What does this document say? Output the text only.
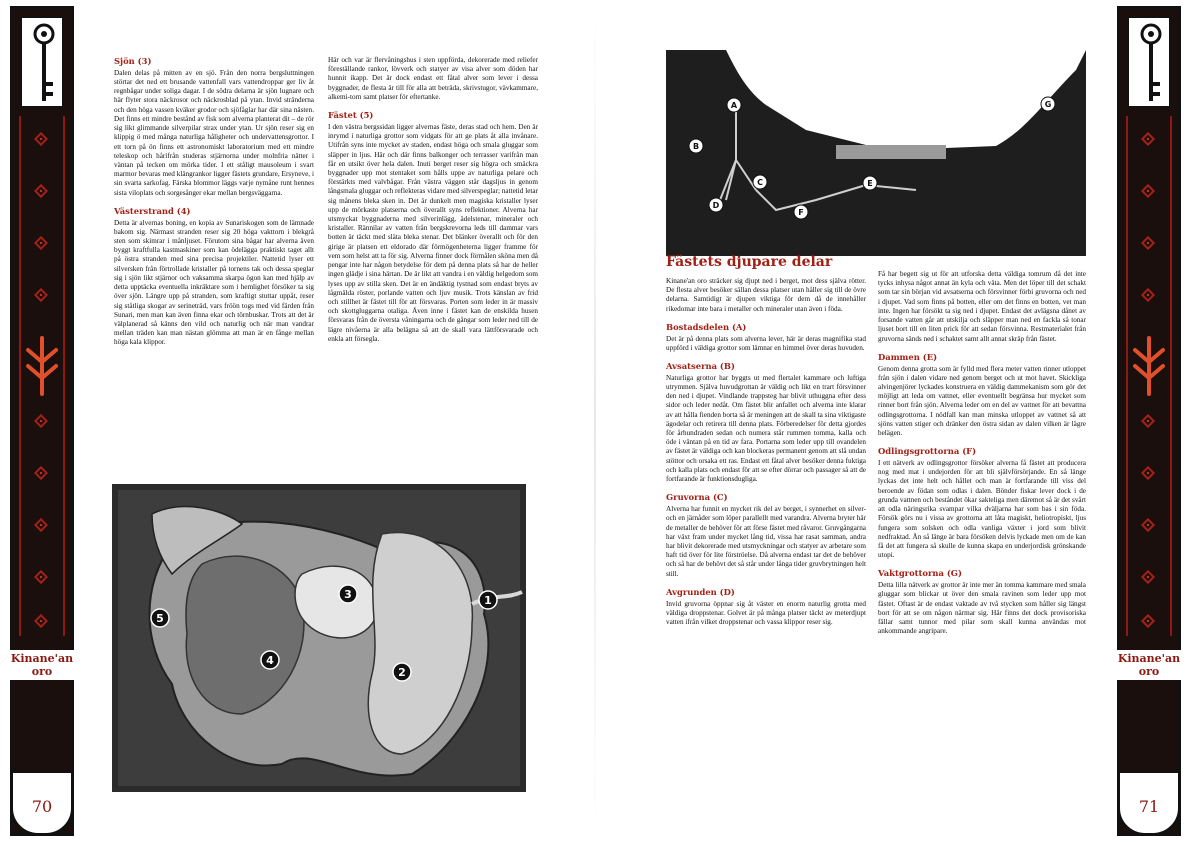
Kinane'an oro
70
Sjön (3)

Dalen delas på mitten av en sjö. Från den norra bergsluttningen störtar det ned ett brusande vattenfall vars vattendroppar ger liv åt regnbågar under soliga dagar. I de södra delarna är sjön lugnare och här flyter stora näckrosor och näckrosblad på ytan. Invid stränderna och den höga vassen kväker grodor och sjöfåglar har där sina nästen. Det finns ett mindre bestånd av fisk som alverna planterat dit – de rör sig likt glimmande silverpilar strax under ytan. Ur sjön reser sig en klippig ö med många naturliga håligheter och undervattensgrottor. I ett torn på ön finns ett astronomiskt laboratorium med ett mindre teleskop och hårifrån studeras stjärnorna under molnfria nätter i väntan på tecken om mörka tider. I ett ståligt mausoleum i svart marmor bevaras med klängrankor ligger fästets grundare, Ersyneve, i sin svarta sarkofag. Färska blommor läggs varje nymåne runt hennes sista viloplats och sorgesånger ekar mellan bergsväggarna.

Västerstrand (4)

Detta är alvernas boning, en kopia av Sunariskogen som de lämnade bakom sig. Närmast stranden reser sig 20 höga vakttorn i blekgrå sten som skimrar i månljuset. Förutom sina bågar har alverna även byggt kraftfulla kastmaskiner som kan ödelägga praktiskt taget allt på östra stranden med sina precisa projektiler. Nattetid lyser ett silversken från förtrollade kristaller på tornens tak och dessa speglar sig i sjön likt stjärnor och vaksamma skarpa ögon kan med hjälp av detta upptäcka eventuella inkräktare som i hemlighet försöker ta sig över sjön. Längre upp på stranden, som kraftigt stuttar uppåt, reser sig ståtliga skogar av serineträd, vars fröön togs med vid färden från Sunari, men man kan även finna ekar och törnbuskar. Trots att det är välplanerad så känns den vild och naturlig och när man vandrar mellan träden kan man nästan glömma att man är en fånge mellan höga kala klippor.

Här och var är flervåningshus i sten uppförda, dekorerade med reliefer föreställande rankor, lövverk och statyer av visa alver som döden har hunnit ikapp. Det är dock endast ett fåtal alver som lever i dessa byggnader, de flesta är till för alla att beträda, skrivstugor, vävkammare, alkemi-torn samt platser för eftertanke.

Fästet (5)

I den västra bergssidan ligger alvernas fäste, deras stad och hem. Den är inrymd i naturliga grottor som vidgats för att ge plats åt alla invånare. Utifrån syns inte mycket av staden, endast höga och smala gluggar som släpper in ljus. Här och där finns balkonger och terrasser varifrån man får en utsikt över hela dalen. Inuti berget reser sig högra och smäckra byggnader upp mot stentaket som hålls uppe av naturliga pelare och förstärkts med valvbågar. Från västra väggen står dagsljus in genom långsmala gluggar och reflekteras vidare med silverspeglar; nattetid letar sig månens bleka sken in. Det är dunkelt men magiska kristaller lyser upp de mörkaste platserna och överallt syns reflektioner. Alverna har utsmyckat byggnaderna med silverinlägg, ädelstenar, mineraler och kristaller. Rännilar av vatten från bergskrevorna leds till dammar vars botten är täckt med släta bleka stenar. Det blänker överallt och för den girige är platsen ett eldorado där förmögenheterna ligger framme för vem som helst att ta för sig. Alverna finner dock förmålen sköna men då pengar inte har någon betydelse för dem på denna plats så har de heller ingen glädje i sina härtan. De är likt att vandra i en väldig helgedom som lyses upp av stilla sken. Det är en ändäktig tystnad som endast bryts av lågmälda röster, porlande vatten och ljuv musik. Trots känslan av frid och stillhet är fästet till för att försvaras. Porten som leder in är massiv och skottgluggarna otaliga. Även inne i fästet kan de enskilda husen försvaras från de översta våningarna och de gångar som leder ned till de lägre nivåerna är alla belägna så att de skall vara lättförsvarade och enkla att försegla.

1
2
3
4
5
A
B
C
D
E
F
G
Fästets djupare delar

Kinane'an oro sträcker sig djupt ned i berget, mot dess själva rötter. De flesta alver besöker sällan dessa platser utan håller sig till de övre delarna. Samtidigt är djupen viktiga för dem då de innehåller rikedomar inte bara i metaller och mineraler utan även i föda.

Bostadsdelen (A)

Det är på denna plats som alverna lever, här är deras magnifika stad uppförd i väldiga grottor som lämnar en himmel över deras huvuden.

Avsatserna (B)

Naturliga grottor har byggts ut med flertalet kammare och luftiga utrymmen. Själva huvudgrottan är väldig och likt en trart försvinner den ned i djupet. Vindlande trappsteg har blivit uthuggna efter dess sidor och leder nedåt. Om fästet blir anfallet och alverna inte klarar av att hålla fienden borta så är meningen att de skall ta sina viktigaste ägodelar och retirera till denna plats. Förberedelser för detta gjordes för århundraden sedan och numera står rummen tomma, kalla och öde i väntan på en tid av fara. Portarna som leder upp till ovandelen av fästet är väldiga och kan blockeras permanent genom att slå undan stöttor och orsaka ett ras. Endast ett fåtal alver besöker denna fuktiga och kalla plats och endast för att se efter dörrar och passager så att de fortfarande är funktionsdugliga.

Gruvorna (C)

Alverna har funnit en mycket rik del av berget, i synnerhet en silver- och en järnåder som löper parallellt med varandra. Alverna bryter här de metaller de behöver för att förse fästet med råvaror. Gruvgångarna har växt fram under mycket lång tid, vissa har rasat samman, andra har blivit dekorerade med utsmyckningar och statyer av arbetare som haft tid över för lite förströelse. Då alverna endast tar det de behöver och så har de behövt det så står under långa tider gruvbrytningen helt still.

Avgrunden (D)

Invid gruvorna öppnar sig åt väster en enorm naturlig grotta med väldiga droppstenar. Golvet är på många platser täckt av meterdjupt vatten ifrån vilket droppstenar och vassa klippor reser sig.

Få har begett sig ut för att utforska detta väldiga tomrum då det inte tycks inhysa något annat än kyla och väta. Men det löper till det schakt som tar sin början vid avsatserna och försvinner förbi gruvorna och ned i djupet. Vad som finns på botten, eller om det finns en botten, vet man inte. Ingen har försökt ta sig ned i djupet. Endast det avlägsna dånet av forsande vatten går att utskilja och släpper man ned en fackla så tonar ljuset bort till en liten prick för att sedan försvinna. Restmaterialet från gruvorna sänds ned i schaktet samt allt annat skräp från fästet.

Dammen (E)

Genom denna grotta som är fylld med flera meter vatten rinner utloppet från sjön i dalen vidare ned genom berget och ut mot havet. Skickliga alvingenjörer lyckades konstruera en väldig dammekanism som gör det möjligt att leda om vattnet, eller eventuellt begränsa hur mycket som rinner bort från sjön. Alverna leder om en del av vattnet för att bevattna odlingsgrottorna. I nödfall kan man minska utloppet av vattnet så att sjöns vatten stiger och dränker den östra sidan av dalen vilken är lägre belägen.

Odlingsgrottorna (F)

I ett nätverk av odlingsgrottor försöker alverna få fästet att producera nog med mat i undejorden för att bli självförsörjande. En så länge lyckas det inte helt och hållet och man är fortfarande till viss del beroende av födan som odlas i dalen. Bönder fiskar lever dock i de grunda vattnen och beståndet ökar sakteliga men däremot så är det svårt att odla näringsrika svampar vilka dväljarna har som bas i sin föda. Försök görs nu i vissa av grottorna att låta magiskt, heliotropiskt, ljus fungera som solsken och odla vanliga växter i jord som blivit nedfraktad. Än så länge är bara försöken delvis lyckade men om de kan få det att fungera så skulle de kunna skapa en underjordisk grönskande utopi.

Vaktgrottorna (G)

Detta lilla nätverk av grottor är inte mer än tomma kammare med smala gluggar som blickar ut över den smala ravinen som leder upp mot fästet. Oftast är de endast vaktade av två stycken som håller sig längst bort för att se om någon närmar sig. Här finns det dock provisoriska fällar samt tunnor med pilar som skall kunna användas mot ankommande angripare.

Kinane'an oro
71
